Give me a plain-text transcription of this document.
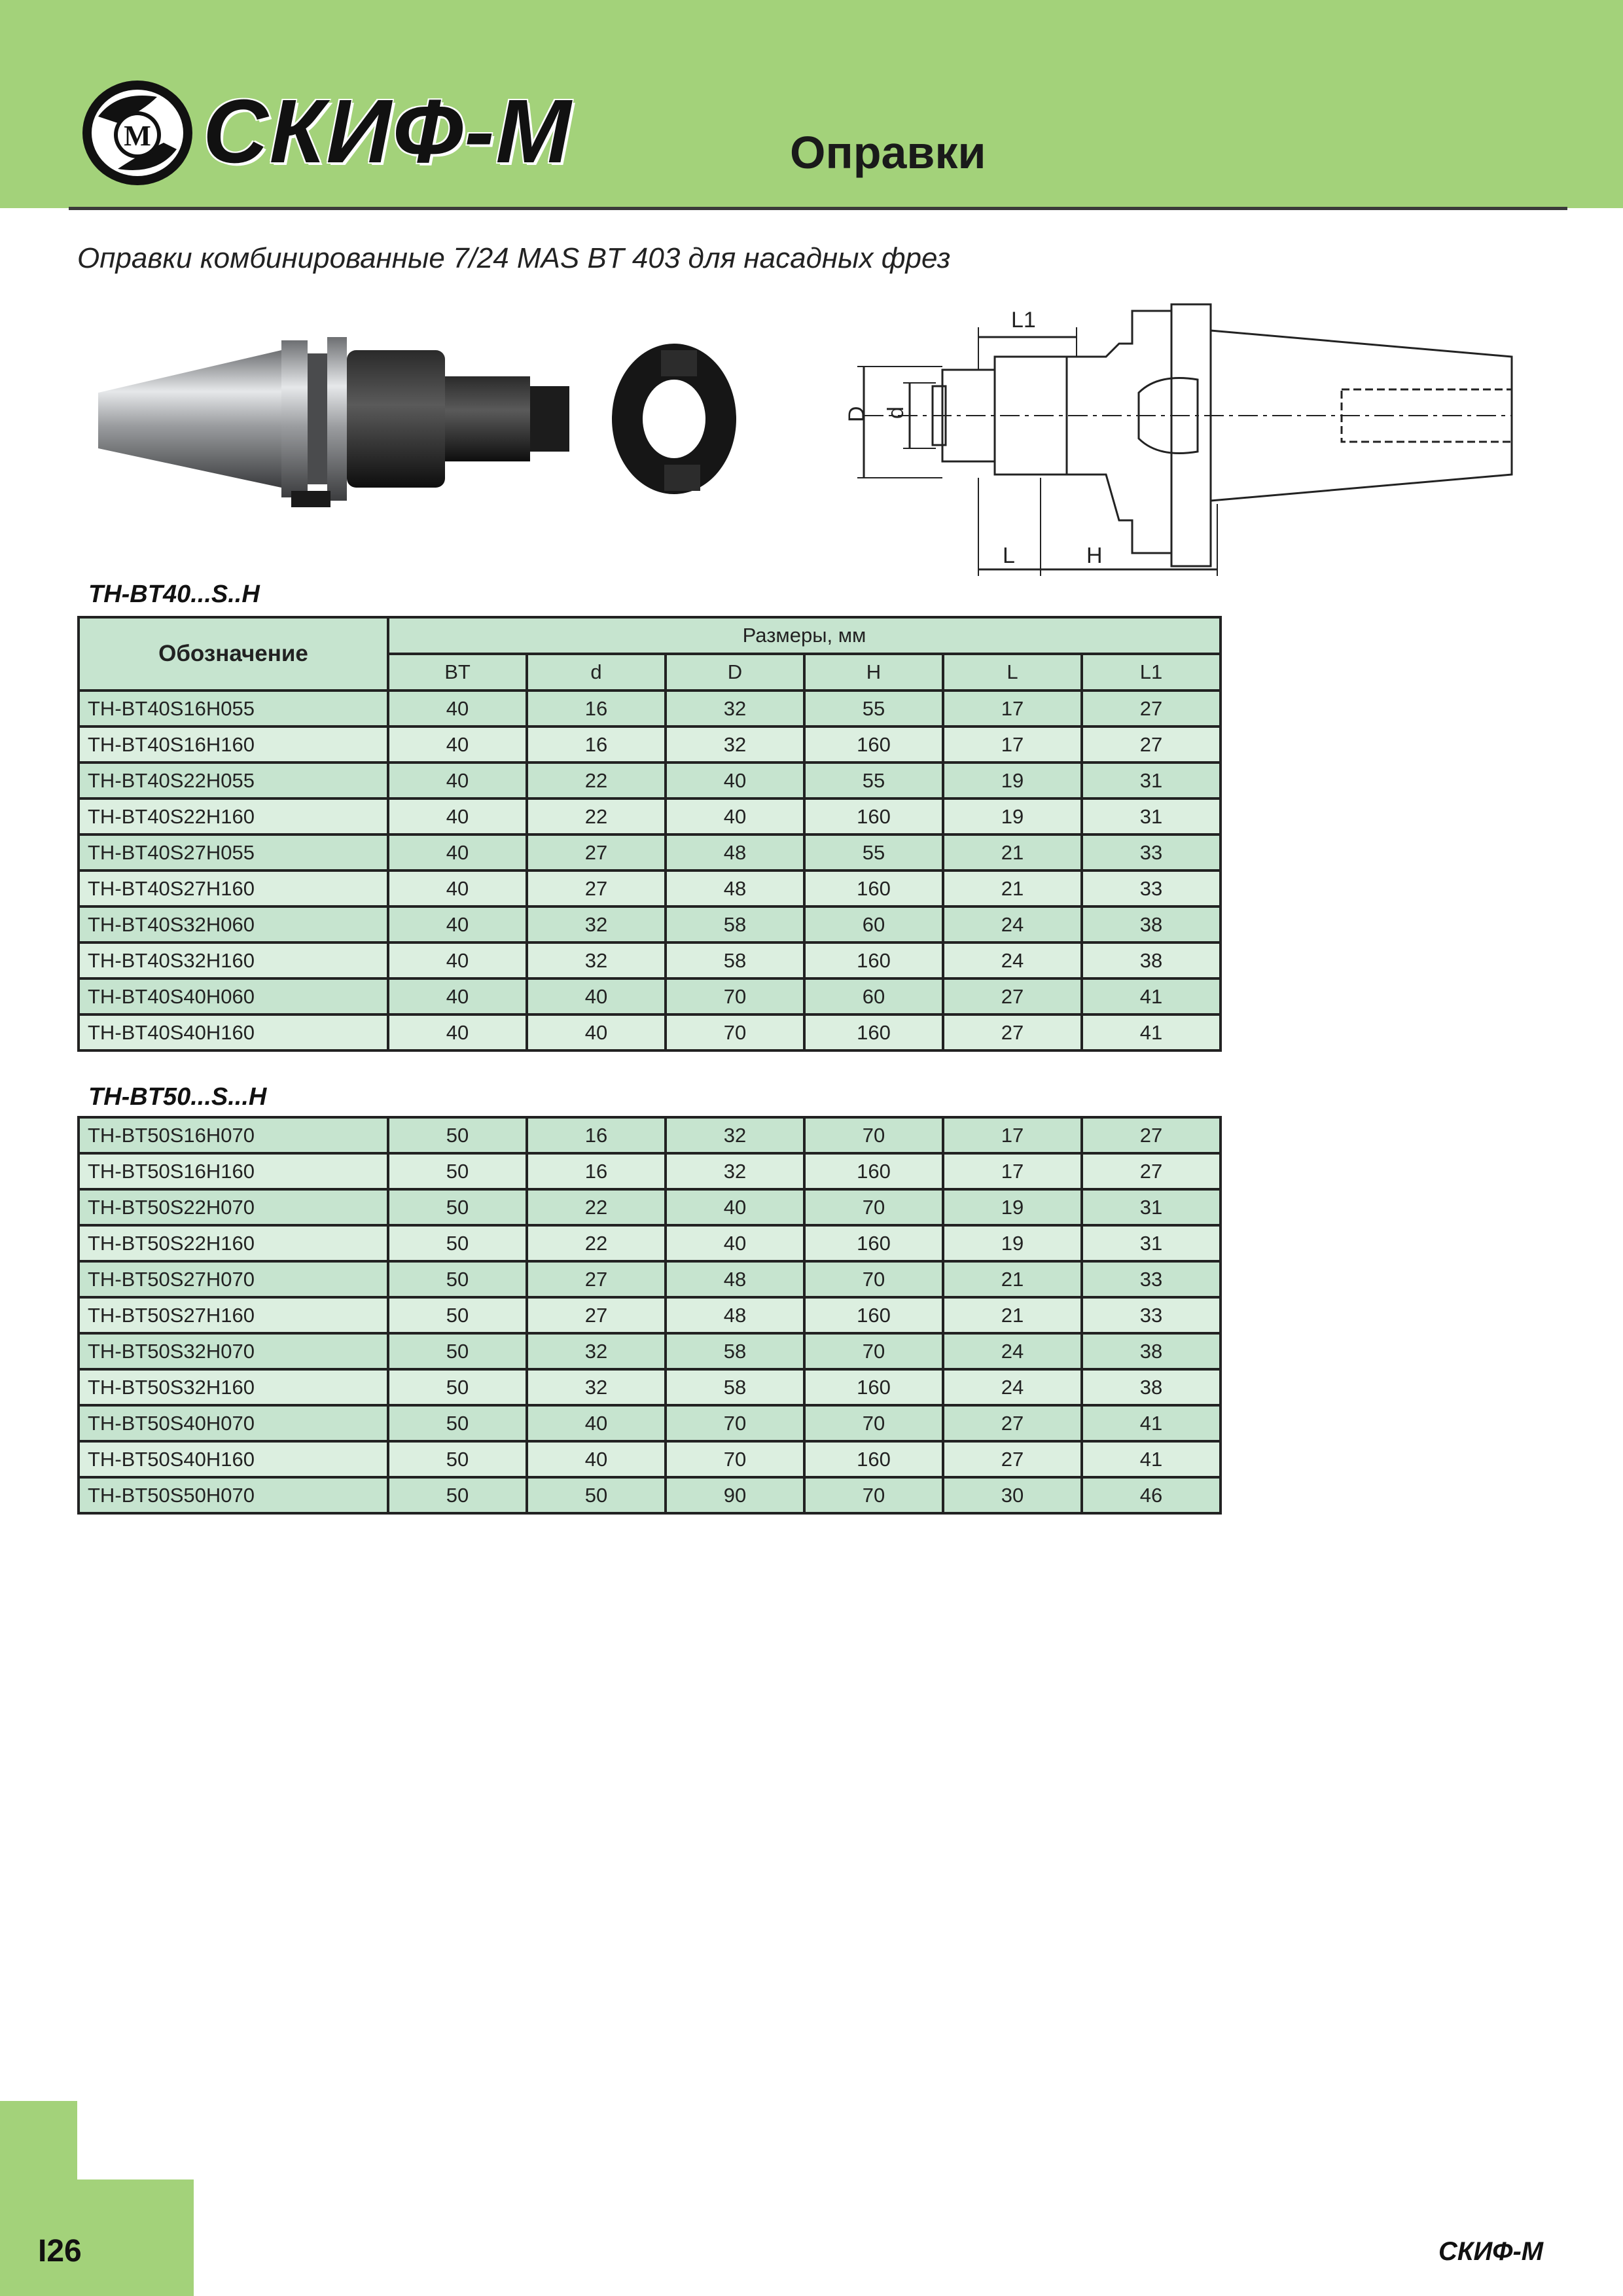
M СКИФ-М	Оправки
Оправки комбинированные 7/24 MAS BT 403 для насадных фрез
L1
D d
L	H
TH-BT40...S..H
Обозначение	Размеры, мм					
	BT	d	D	H	L	L1
TH-BT40S16H055	40	16	32	55	17	27
TH-BT40S16H160	40	16	32	160	17	27
TH-BT40S22H055	40	22	40	55	19	31
TH-BT40S22H160	40	22	40	160	19	31
TH-BT40S27H055	40	27	48	55	21	33
TH-BT40S27H160	40	27	48	160	21	33
TH-BT40S32H060	40	32	58	60	24	38
TH-BT40S32H160	40	32	58	160	24	38
TH-BT40S40H060	40	40	70	60	27	41
TH-BT40S40H160	40	40	70	160	27	41
TH-BT50...S...H
TH-BT50S16H070	50	16	32	70	17	27
TH-BT50S16H160	50	16	32	160	17	27
TH-BT50S22H070	50	22	40	70	19	31
TH-BT50S22H160	50	22	40	160	19	31
TH-BT50S27H070	50	27	48	70	21	33
TH-BT50S27H160	50	27	48	160	21	33
TH-BT50S32H070	50	32	58	70	24	38
TH-BT50S32H160	50	32	58	160	24	38
TH-BT50S40H070	50	40	70	70	27	41
TH-BT50S40H160	50	40	70	160	27	41
TH-BT50S50H070	50	50	90	70	30	46
I26	СКИФ-М
